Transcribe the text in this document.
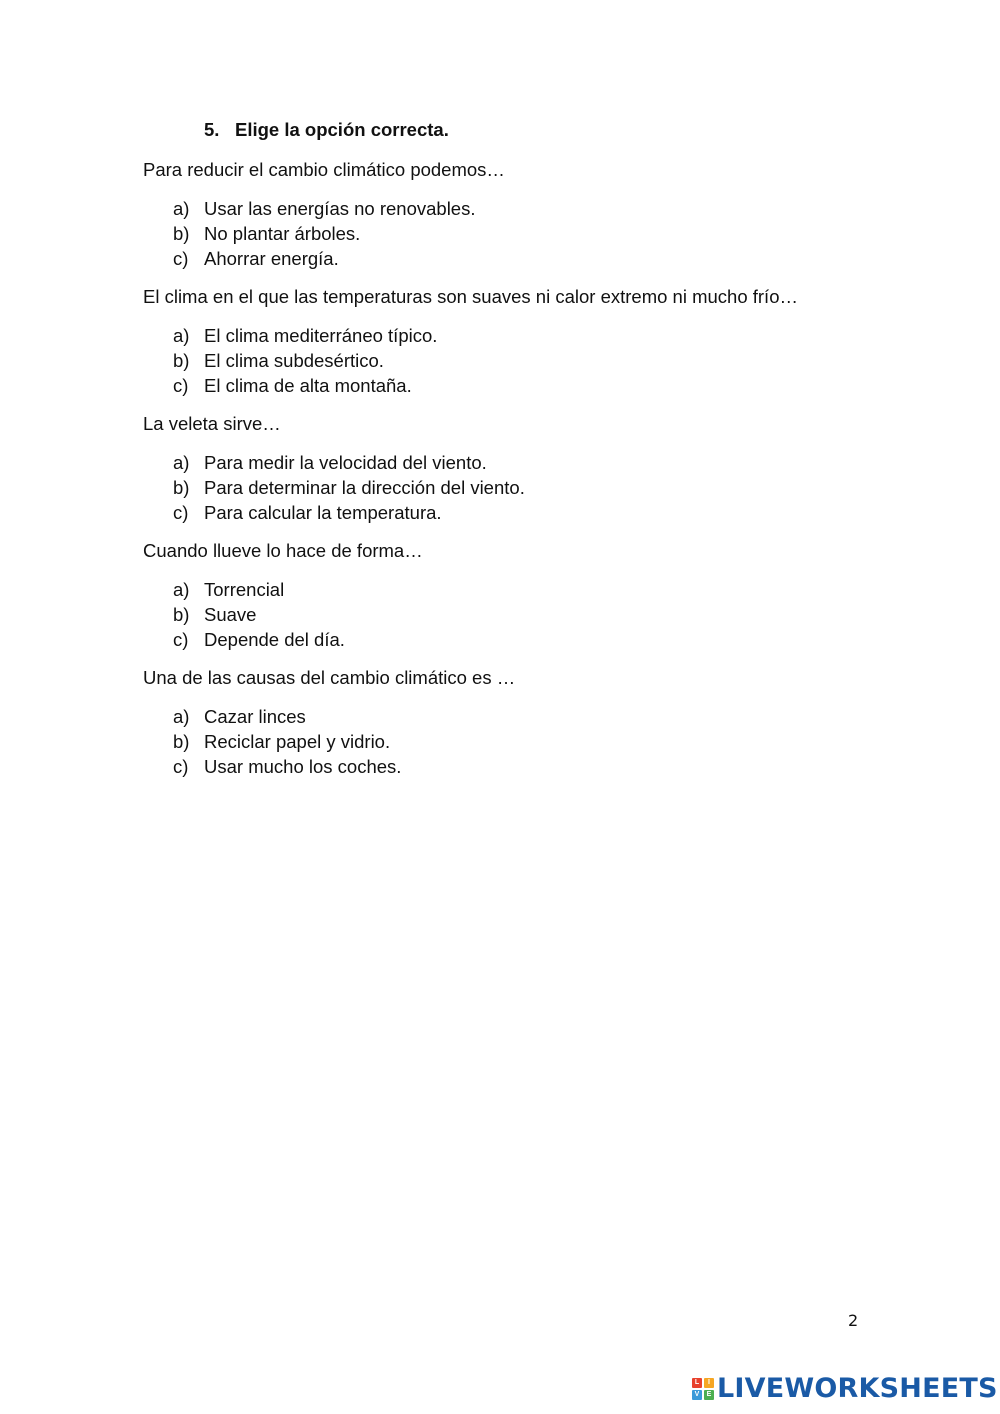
5. Elige la opción correcta.

Para reducir el cambio climático podemos…

a) Usar las energías no renovables.
b) No plantar árboles.
c) Ahorrar energía.

El clima en el que las temperaturas son suaves ni calor extremo ni mucho frío…

a) El clima mediterráneo típico.
b) El clima subdesértico.
c) El clima de alta montaña.

La veleta sirve…

a) Para medir la velocidad del viento.
b) Para determinar la dirección del viento.
c) Para calcular la temperatura.

Cuando llueve lo hace de forma…

a) Torrencial
b) Suave
c) Depende del día.

Una de las causas del cambio climático es …

a) Cazar linces
b) Reciclar papel y vidrio.
c) Usar mucho los coches.
2
L	I
V	E LIVEWORKSHEETS
